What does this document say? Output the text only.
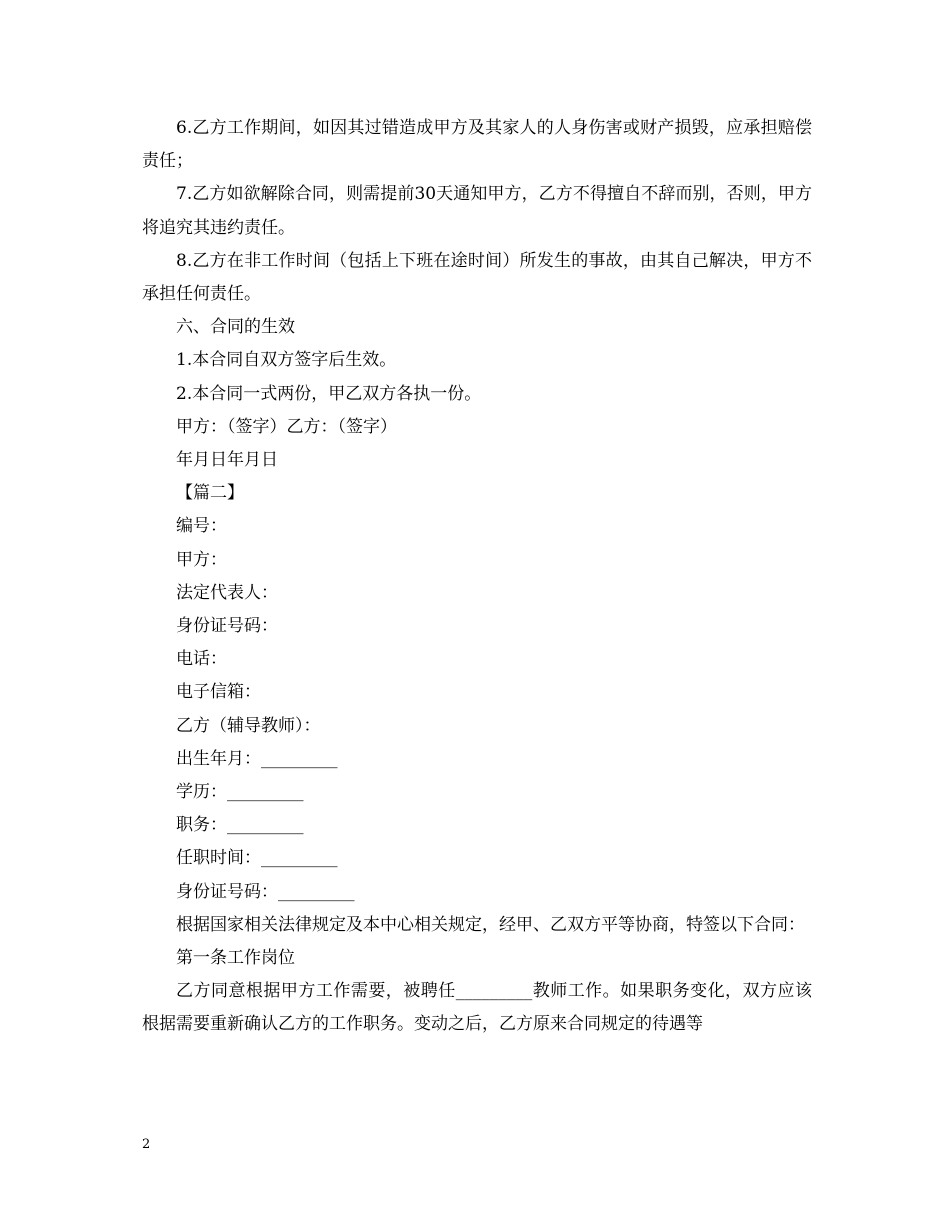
6.乙方工作期间，如因其过错造成甲方及其家人的人身伤害或财产损毁，应承担赔偿责任；

7.乙方如欲解除合同，则需提前30天通知甲方，乙方不得擅自不辞而别，否则，甲方将追究其违约责任。

8.乙方在非工作时间（包括上下班在途时间）所发生的事故，由其自己解决，甲方不承担任何责任。

六、合同的生效

1.本合同自双方签字后生效。

2.本合同一式两份，甲乙双方各执一份。

甲方：（签字）乙方：（签字）

年月日年月日

【篇二】

编号：

甲方：

法定代表人：

身份证号码：

电话：

电子信箱：

乙方（辅导教师）：

出生年月：_________

学历：_________

职务：_________

任职时间：_________

身份证号码：_________

根据国家相关法律规定及本中心相关规定，经甲、乙双方平等协商，特签以下合同：

第一条工作岗位

乙方同意根据甲方工作需要，被聘任_________教师工作。如果职务变化，双方应该根据需要重新确认乙方的工作职务。变动之后，乙方原来合同规定的待遇等

2
